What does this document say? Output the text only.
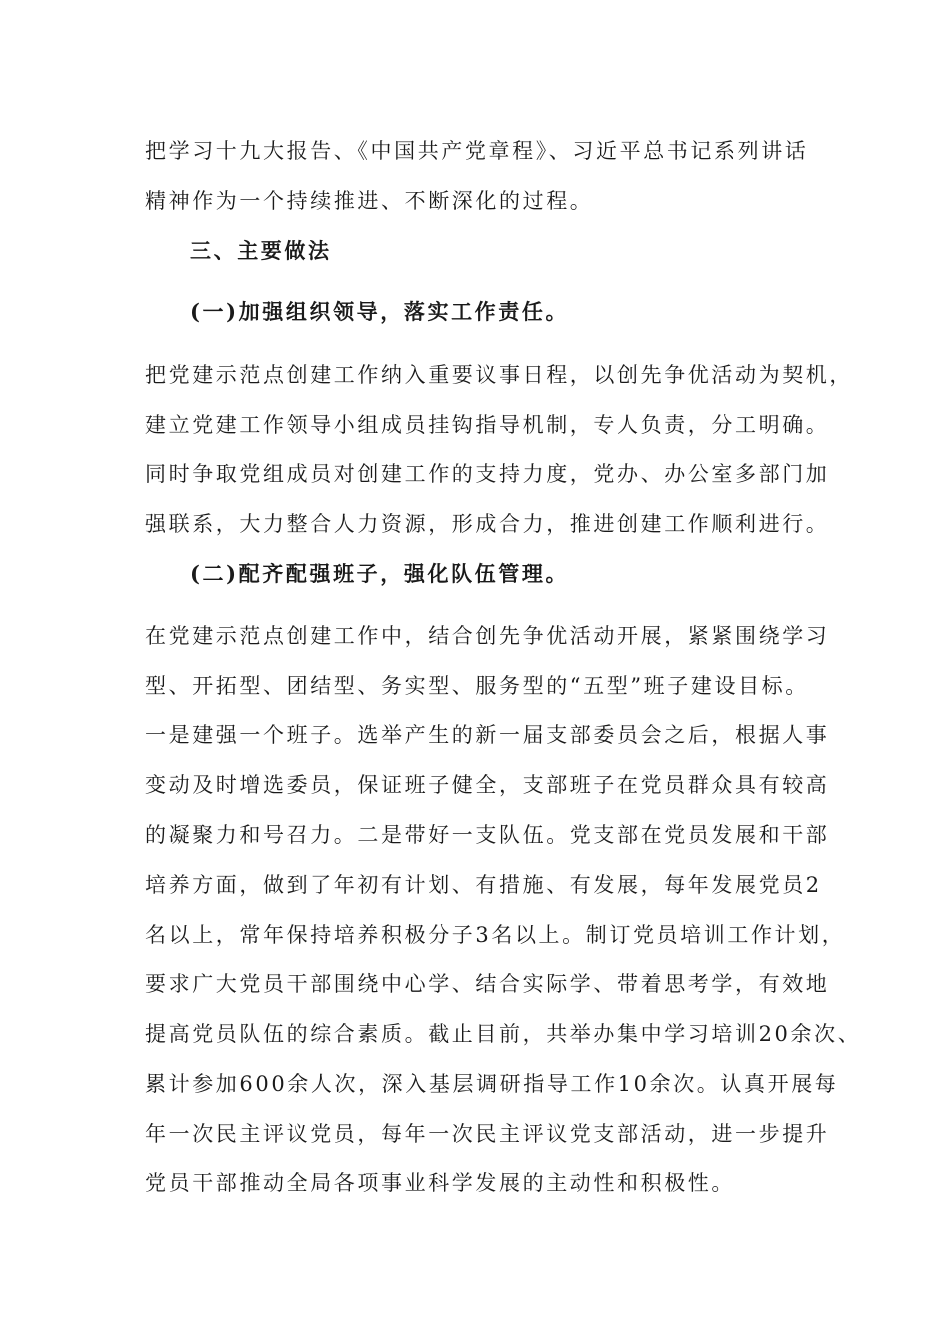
把学习十九大报告、《中国共产党章程》、习近平总书记系列讲话
精神作为一个持续推进、不断深化的过程。
三、主要做法
(一)加强组织领导，落实工作责任。
把党建示范点创建工作纳入重要议事日程，以创先争优活动为契机，
建立党建工作领导小组成员挂钩指导机制，专人负责，分工明确。
同时争取党组成员对创建工作的支持力度，党办、办公室多部门加
强联系，大力整合人力资源，形成合力，推进创建工作顺利进行。
(二)配齐配强班子，强化队伍管理。
在党建示范点创建工作中，结合创先争优活动开展，紧紧围绕学习
型、开拓型、团结型、务实型、服务型的“五型”班子建设目标。
一是建强一个班子。选举产生的新一届支部委员会之后，根据人事
变动及时增选委员，保证班子健全，支部班子在党员群众具有较高
的凝聚力和号召力。二是带好一支队伍。党支部在党员发展和干部
培养方面，做到了年初有计划、有措施、有发展，每年发展党员2
名以上，常年保持培养积极分子3名以上。制订党员培训工作计划，
要求广大党员干部围绕中心学、结合实际学、带着思考学，有效地
提高党员队伍的综合素质。截止目前，共举办集中学习培训20余次、
累计参加600余人次，深入基层调研指导工作10余次。认真开展每
年一次民主评议党员，每年一次民主评议党支部活动，进一步提升
党员干部推动全局各项事业科学发展的主动性和积极性。
